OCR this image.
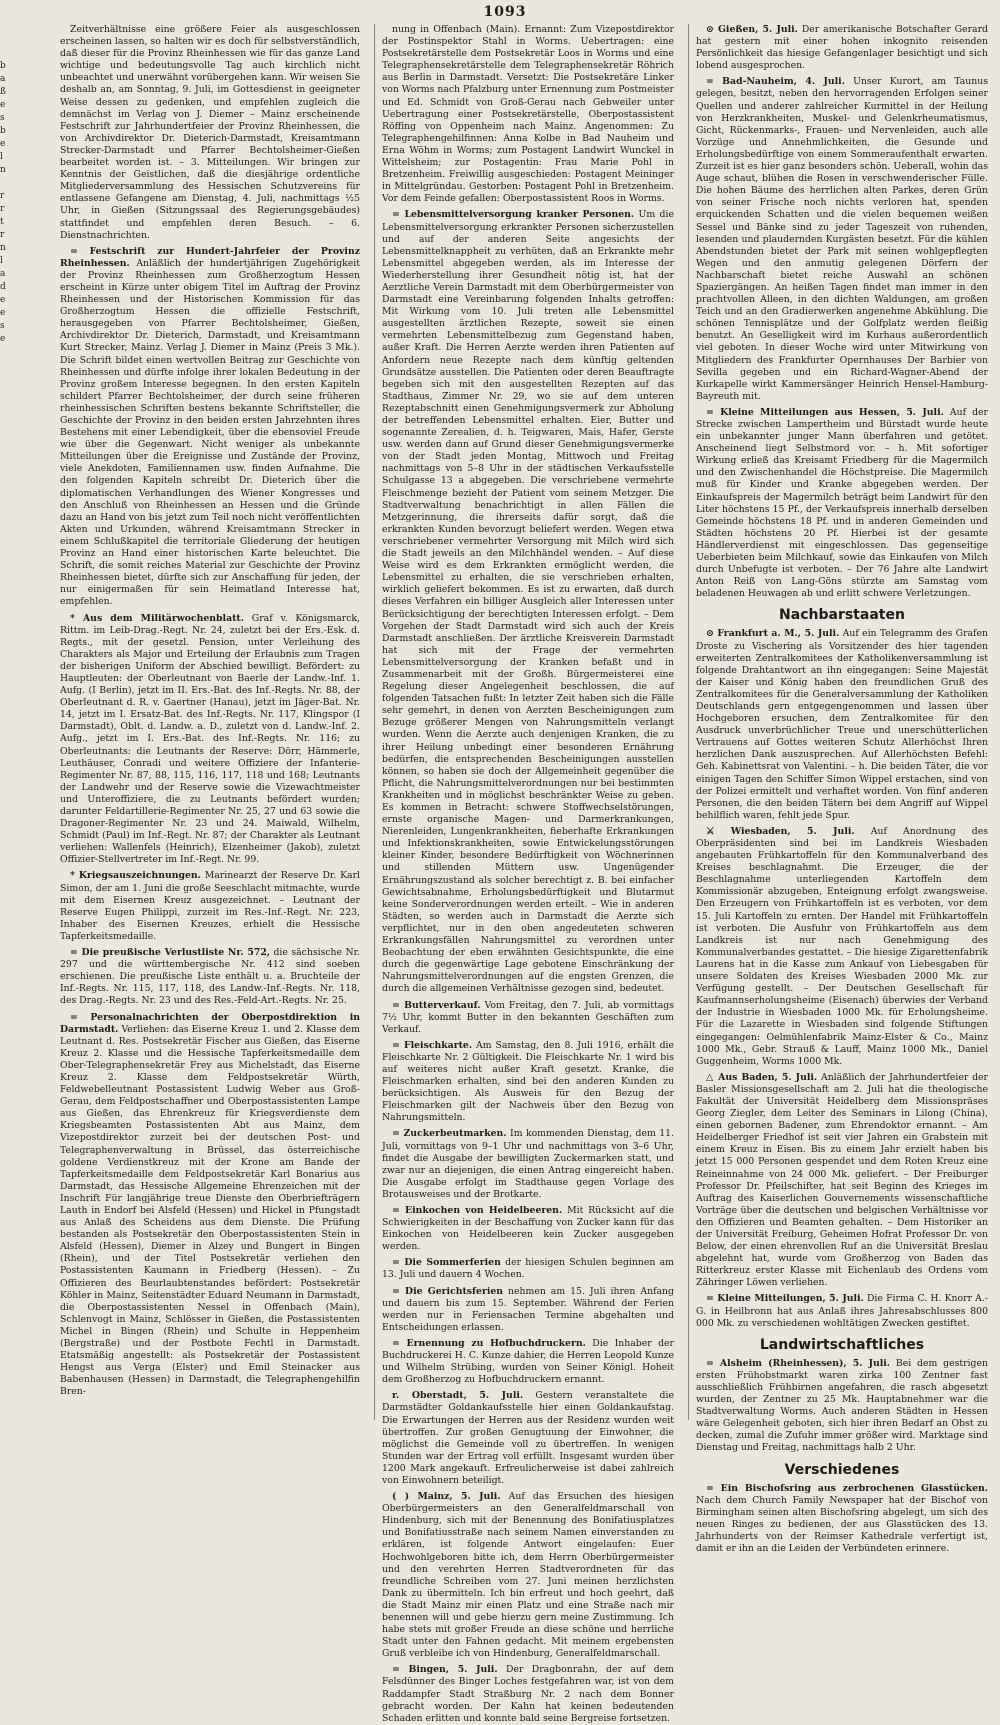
b
a
ß
e
s
b
e
l
n
r
r
t
r
n
l
a
d
e
e
s
e
1093

Zeitverhältnisse eine größere Feier als ausgeschlossen erscheinen lassen, so halten wir es doch für selbstverständlich, daß dieser für die Provinz Rheinhessen wie für das ganze Land wichtige und bedeutungsvolle Tag auch kirchlich nicht unbeachtet und unerwähnt vorübergehen kann. Wir weisen Sie deshalb an, am Sonntag, 9. Juli, im Gottesdienst in geeigneter Weise dessen zu gedenken, und empfehlen zugleich die demnächst im Verlag von J. Diemer – Mainz erscheinende Festschrift zur Jahrhundertfeier der Provinz Rheinhessen, die von Archivdirektor Dr. Dieterich-Darmstadt, Kreisamtmann Strecker-Darmstadt und Pfarrer Bechtolsheimer-Gießen bearbeitet worden ist. – 3. Mitteilungen. Wir bringen zur Kenntnis der Geistlichen, daß die diesjährige ordentliche Mitgliederversammlung des Hessischen Schutzvereins für entlassene Gefangene am Dienstag, 4. Juli, nachmittags ½5 Uhr, in Gießen (Sitzungssaal des Regierungsgebäudes) stattfindet und empfehlen deren Besuch. – 6. Dienstnachrichten.

= Festschrift zur Hundert-Jahrfeier der Provinz Rheinhessen. Anläßlich der hundertjährigen Zugehörigkeit der Provinz Rheinhessen zum Großherzogtum Hessen erscheint in Kürze unter obigem Titel im Auftrag der Provinz Rheinhessen und der Historischen Kommission für das Großherzogtum Hessen die offizielle Festschrift, herausgegeben von Pfarrer Bechtolsheimer, Gießen, Archivdirektor Dr. Dieterich, Darmstadt, und Kreisamtmann Kurt Strecker, Mainz. Verlag J. Diemer in Mainz (Preis 3 Mk.). Die Schrift bildet einen wertvollen Beitrag zur Geschichte von Rheinhessen und dürfte infolge ihrer lokalen Bedeutung in der Provinz großem Interesse begegnen. In den ersten Kapiteln schildert Pfarrer Bechtolsheimer, der durch seine früheren rheinhessischen Schriften bestens bekannte Schriftsteller, die Geschichte der Provinz in den beiden ersten Jahrzehnten ihres Bestehens mit einer Lebendigkeit, über die ebensoviel Freude wie über die Gegenwart. Nicht weniger als unbekannte Mitteilungen über die Ereignisse und Zustände der Provinz, viele Anekdoten, Familiennamen usw. finden Aufnahme. Die den folgenden Kapiteln schreibt Dr. Dieterich über die diplomatischen Verhandlungen des Wiener Kongresses und den Anschluß von Rheinhessen an Hessen und die Gründe dazu an Hand von bis jetzt zum Teil noch nicht veröffentlichten Akten und Urkunden, während Kreisamtmann Strecker in einem Schlußkapitel die territoriale Gliederung der heutigen Provinz an Hand einer historischen Karte beleuchtet. Die Schrift, die somit reiches Material zur Geschichte der Provinz Rheinhessen bietet, dürfte sich zur Anschaffung für jeden, der nur einigermaßen für sein Heimatland Interesse hat, empfehlen.

* Aus dem Militärwochenblatt. Graf v. Königsmarck, Rittm. im Leib-Drag.-Regt. Nr. 24, zuletzt bei der Ers.-Esk. d. Regts., mit der gesetzl. Pension, unter Verleihung des Charakters als Major und Erteilung der Erlaubnis zum Tragen der bisherigen Uniform der Abschied bewilligt. Befördert: zu Hauptleuten: der Oberleutnant von Baerle der Landw.-Inf. 1. Aufg. (I Berlin), jetzt im II. Ers.-Bat. des Inf.-Regts. Nr. 88, der Oberleutnant d. R. v. Gaertner (Hanau), jetzt im Jäger-Bat. Nr. 14, jetzt im I. Ersatz-Bat. des Inf.-Regts. Nr. 117, Klingspor (I Darmstadt), Oblt. d. Landw. a. D., zuletzt von d. Landw.-Inf. 2. Aufg., jetzt im I. Ers.-Bat. des Inf.-Regts. Nr. 116; zu Oberleutnants: die Leutnants der Reserve: Dörr, Hämmerle, Leuthäuser, Conradi und weitere Offiziere der Infanterie-Regimenter Nr. 87, 88, 115, 116, 117, 118 und 168; Leutnants der Landwehr und der Reserve sowie die Vizewachtmeister und Unteroffiziere, die zu Leutnants befördert wurden; darunter Feldartillerie-Regimenter Nr. 25, 27 und 63 sowie die Dragoner-Regimenter Nr. 23 und 24. Maiwald, Wilhelm, Schmidt (Paul) im Inf.-Regt. Nr. 87; der Charakter als Leutnant verliehen: Wallenfels (Heinrich), Elzenheimer (Jakob), zuletzt Offizier-Stellvertreter im Inf.-Regt. Nr. 99.

* Kriegsauszeichnungen. Marinearzt der Reserve Dr. Karl Simon, der am 1. Juni die große Seeschlacht mitmachte, wurde mit dem Eisernen Kreuz ausgezeichnet. – Leutnant der Reserve Eugen Philippi, zurzeit im Res.-Inf.-Regt. Nr. 223, Inhaber des Eisernen Kreuzes, erhielt die Hessische Tapferkeitsmedaille.

= Die preußische Verlustliste Nr. 572, die sächsische Nr. 297 und die württembergische Nr. 412 sind soeben erschienen. Die preußische Liste enthält u. a. Bruchteile der Inf.-Regts. Nr. 115, 117, 118, des Landw.-Inf.-Regts. Nr. 118, des Drag.-Regts. Nr. 23 und des Res.-Feld-Art.-Regts. Nr. 25.

= Personalnachrichten der Oberpostdirektion in Darmstadt. Verliehen: das Eiserne Kreuz 1. und 2. Klasse dem Leutnant d. Res. Postsekretär Fischer aus Gießen, das Eiserne Kreuz 2. Klasse und die Hessische Tapferkeitsmedaille dem Ober-Telegraphensekretär Frey aus Michelstadt, das Eiserne Kreuz 2. Klasse dem Feldpostsekretär Würth, Feldwebelleutnant Postassistent Ludwig Weber aus Groß-Gerau, dem Feldpostschaffner und Oberpostassistenten Lampe aus Gießen, das Ehrenkreuz für Kriegsverdienste dem Kriegsbeamten Postassistenten Abt aus Mainz, dem Vizepostdirektor zurzeit bei der deutschen Post- und Telegraphenverwaltung in Brüssel, das österreichische goldene Verdienstkreuz mit der Krone am Bande der Tapferkeitsmedaille dem Feldpostsekretär Karl Bonarius aus Darmstadt, das Hessische Allgemeine Ehrenzeichen mit der Inschrift Für langjährige treue Dienste den Oberbriefträgern Lauth in Endorf bei Alsfeld (Hessen) und Hickel in Pfungstadt aus Anlaß des Scheidens aus dem Dienste. Die Prüfung bestanden als Postsekretär den Oberpostassistenten Stein in Alsfeld (Hessen), Diemer in Alzey und Bungert in Bingen (Rhein), und der Titel Postsekretär verliehen den Postassistenten Kaumann in Friedberg (Hessen). – Zu Offizieren des Beurlaubtenstandes befördert: Postsekretär Köhler in Mainz, Seitenstädter Eduard Neumann in Darmstadt, die Oberpostassistenten Nessel in Offenbach (Main), Schlenvogt in Mainz, Schlösser in Gießen, die Postassistenten Michel in Bingen (Rhein) und Schulte in Heppenheim (Bergstraße) und der Postbote Fechtl in Darmstadt. Etatsmäßig angestellt: als Postsekretär der Postassistent Hengst aus Verga (Elster) und Emil Steinacker aus Babenhausen (Hessen) in Darmstadt, die Telegraphengehilfin Bren-

nung in Offenbach (Main). Ernannt: Zum Vizepostdirektor der Postinspektor Stahl in Worms. Uebertragen: eine Postsekretärstelle dem Postsekretär Loos in Worms und eine Telegraphensekretärstelle dem Telegraphensekretär Röhrich aus Berlin in Darmstadt. Versetzt: Die Postsekretäre Linker von Worms nach Pfalzburg unter Ernennung zum Postmeister und Ed. Schmidt von Groß-Gerau nach Gebweiler unter Uebertragung einer Postsekretärstelle, Oberpostassistent Röffing von Oppenheim nach Mainz. Angenommen: Zu Telegraphengehilfinnen: Anna Kolbe in Bad Nauheim und Erna Wöhm in Worms; zum Postagent Landwirt Wunckel in Wittelsheim; zur Postagentin: Frau Marie Pohl in Bretzenheim. Freiwillig ausgeschieden: Postagent Meininger in Mittelgründau. Gestorben: Postagent Pohl in Bretzenheim. Vor dem Feinde gefallen: Oberpostassistent Roos in Worms.

= Lebensmittelversorgung kranker Personen. Um die Lebensmittelversorgung erkrankter Personen sicherzustellen und auf der anderen Seite angesichts der Lebensmittelknappheit zu verhüten, daß an Erkrankte mehr Lebensmittel abgegeben werden, als im Interesse der Wiederherstellung ihrer Gesundheit nötig ist, hat der Aerztliche Verein Darmstadt mit dem Oberbürgermeister von Darmstadt eine Vereinbarung folgenden Inhalts getroffen: Mit Wirkung vom 10. Juli treten alle Lebensmittel ausgestellten ärztlichen Rezepte, soweit sie einen vermehrten Lebensmittelbezug zum Gegenstand haben, außer Kraft. Die Herren Aerzte werden ihren Patienten auf Anfordern neue Rezepte nach dem künftig geltenden Grundsätze ausstellen. Die Patienten oder deren Beauftragte begeben sich mit den ausgestellten Rezepten auf das Stadthaus, Zimmer Nr. 29, wo sie auf dem unteren Rezeptabschnitt einen Genehmigungsvermerk zur Abholung der betreffenden Lebensmittel erhalten. Eier, Butter und sogenannte Zerealien, d. h. Teigwaren, Mais, Hafer, Gerste usw. werden dann auf Grund dieser Genehmigungsvermerke von der Stadt jeden Montag, Mittwoch und Freitag nachmittags von 5–8 Uhr in der städtischen Verkaufsstelle Schulgasse 13 a abgegeben. Die verschriebene vermehrte Fleischmenge bezieht der Patient vom seinem Metzger. Die Stadtverwaltung benachrichtigt in allen Fällen die Metzgerinnung, die ihrerseits dafür sorgt, daß die erkrankten Kunden bevorzugt beliefert werden. Wegen etwa verschriebener vermehrter Versorgung mit Milch wird sich die Stadt jeweils an den Milchhändel wenden. – Auf diese Weise wird es dem Erkrankten ermöglicht werden, die Lebensmittel zu erhalten, die sie verschrieben erhalten, wirklich geliefert bekommen. Es ist zu erwarten, daß durch dieses Verfahren ein billiger Ausgleich aller Interessen unter Berücksichtigung der berechtigten Interessen erfolgt. – Dem Vorgehen der Stadt Darmstadt wird sich auch der Kreis Darmstadt anschließen. Der ärztliche Kreisverein Darmstadt hat sich mit der Frage der vermehrten Lebensmittelversorgung der Kranken befaßt und in Zusammenarbeit mit der Großh. Bürgermeisterei eine Regelung dieser Angelegenheit beschlossen, die auf folgenden Tatsachen fußt: In letzter Zeit haben sich die Fälle sehr gemehrt, in denen von Aerzten Bescheinigungen zum Bezuge größerer Mengen von Nahrungsmitteln verlangt wurden. Wenn die Aerzte auch denjenigen Kranken, die zu ihrer Heilung unbedingt einer besonderen Ernährung bedürfen, die entsprechenden Bescheinigungen ausstellen können, so haben sie doch der Allgemeinheit gegenüber die Pflicht, die Nahrungsmittelverordnungen nur bei bestimmten Krankheiten und in möglichst beschränkter Weise zu geben. Es kommen in Betracht: schwere Stoffwechselstörungen, ernste organische Magen- und Darmerkrankungen, Nierenleiden, Lungenkrankheiten, fieberhafte Erkrankungen und Infektionskrankheiten, sowie Entwickelungsstörungen kleiner Kinder, besondere Bedürftigkeit von Wöchnerinnen und stillenden Müttern usw. Ungenügender Ernährungszustand als solcher berechtigt z. B. bei einfacher Gewichtsabnahme, Erholungsbedürftigkeit und Blutarmut keine Sonderverordnungen werden erteilt. – Wie in anderen Städten, so werden auch in Darmstadt die Aerzte sich verpflichtet, nur in den oben angedeuteten schweren Erkrankungsfällen Nahrungsmittel zu verordnen unter Beobachtung der eben erwähnten Gesichtspunkte, die eine durch die gegenwärtige Lage gebotene Einschränkung der Nahrungsmittelverordnungen auf die engsten Grenzen, die durch die allgemeinen Verhältnisse gezogen sind, bedeutet.

= Butterverkauf. Vom Freitag, den 7. Juli, ab vormittags 7½ Uhr, kommt Butter in den bekannten Geschäften zum Verkauf.

= Fleischkarte. Am Samstag, den 8. Juli 1916, erhält die Fleischkarte Nr. 2 Gültigkeit. Die Fleischkarte Nr. 1 wird bis auf weiteres nicht außer Kraft gesetzt. Kranke, die Fleischmarken erhalten, sind bei den anderen Kunden zu berücksichtigen. Als Ausweis für den Bezug der Fleischmarken gilt der Nachweis über den Bezug von Nahrungsmitteln.

= Zuckerbeutmarken. Im kommenden Dienstag, dem 11. Juli, vormittags von 9–1 Uhr und nachmittags von 3–6 Uhr, findet die Ausgabe der bewilligten Zuckermarken statt, und zwar nur an diejenigen, die einen Antrag eingereicht haben. Die Ausgabe erfolgt im Stadthause gegen Vorlage des Brotausweises und der Brotkarte.

= Einkochen von Heidelbeeren. Mit Rücksicht auf die Schwierigkeiten in der Beschaffung von Zucker kann für das Einkochen von Heidelbeeren kein Zucker ausgegeben werden.

= Die Sommerferien der hiesigen Schulen beginnen am 13. Juli und dauern 4 Wochen.

= Die Gerichtsferien nehmen am 15. Juli ihren Anfang und dauern bis zum 15. September. Während der Ferien werden nur in Feriensachen Termine abgehalten und Entscheidungen erlassen.

= Ernennung zu Hofbuchdruckern. Die Inhaber der Buchdruckerei H. C. Kunze dahier, die Herren Leopold Kunze und Wilhelm Strübing, wurden von Seiner Königl. Hoheit dem Großherzog zu Hofbuchdruckern ernannt.

r. Oberstadt, 5. Juli. Gestern veranstaltete die Darmstädter Goldankaufsstelle hier einen Goldankaufstag. Die Erwartungen der Herren aus der Residenz wurden weit übertroffen. Zur großen Genugtuung der Einwohner, die möglichst die Gemeinde voll zu übertreffen. In wenigen Stunden war der Ertrag voll erfüllt. Insgesamt wurden über 1200 Mark angekauft. Erfreulicherweise ist dabei zahlreich von Einwohnern beteiligt.

( ) Mainz, 5. Juli. Auf das Ersuchen des hiesigen Oberbürgermeisters an den Generalfeldmarschall von Hindenburg, sich mit der Benennung des Bonifatiusplatzes und Bonifatiusstraße nach seinem Namen einverstanden zu erklären, ist folgende Antwort eingelaufen: Euer Hochwohlgeboren bitte ich, dem Herrn Oberbürgermeister und den verehrten Herren Stadtverordneten für das freundliche Schreiben vom 27. Juni meinen herzlichsten Dank zu übermitteln. Ich bin erfreut und hoch geehrt, daß die Stadt Mainz mir einen Platz und eine Straße nach mir benennen will und gebe hierzu gern meine Zustimmung. Ich habe stets mit großer Freude an diese schöne und herrliche Stadt unter den Fahnen gedacht. Mit meinem ergebensten Gruß verbleibe ich von Hindenburg, Generalfeldmarschall.

= Bingen, 5. Juli. Der Dragbonrahn, der auf dem Felsdünner des Binger Loches festgefahren war, ist von dem Raddampfer Stadt Straßburg Nr. 2 nach dem Bonner gebracht worden. Der Kahn hat keinen bedeutenden Schaden erlitten und konnte bald seine Bergreise fortsetzen.

⊙ Gießen, 5. Juli. Der amerikanische Botschafter Gerard hat gestern mit einer hohen inkognito reisenden Persönlichkeit das hiesige Gefangenlager besichtigt und sich lobend ausgesprochen.

= Bad-Nauheim, 4. Juli. Unser Kurort, am Taunus gelegen, besitzt, neben den hervorragenden Erfolgen seiner Quellen und anderer zahlreicher Kurmittel in der Heilung von Herzkrankheiten, Muskel- und Gelenkrheumatismus, Gicht, Rückenmarks-, Frauen- und Nervenleiden, auch alle Vorzüge und Annehmlichkeiten, die Gesunde und Erholungsbedürftige von einem Sommeraufenthalt erwarten. Zurzeit ist es hier ganz besonders schön. Ueberall, wohin das Auge schaut, blühen die Rosen in verschwenderischer Fülle. Die hohen Bäume des herrlichen alten Parkes, deren Grün von seiner Frische noch nichts verloren hat, spenden erquickenden Schatten und die vielen bequemen weißen Sessel und Bänke sind zu jeder Tageszeit von ruhenden, lesenden und plaudernden Kurgästen besetzt. Für die kühlen Abendstunden bietet der Park mit seinen wohlgepflegten Wegen und den anmutig gelegenen Dörfern der Nachbarschaft bietet reiche Auswahl an schönen Spaziergängen. An heißen Tagen findet man immer in den prachtvollen Alleen, in den dichten Waldungen, am großen Teich und an den Gradierwerken angenehme Abkühlung. Die schönen Tennisplätze und der Golfplatz werden fleißig benutzt. An Geselligkeit wird im Kurhaus außerordentlich viel geboten. In dieser Woche wird unter Mitwirkung von Mitgliedern des Frankfurter Opernhauses Der Barbier von Sevilla gegeben und ein Richard-Wagner-Abend der Kurkapelle wirkt Kammersänger Heinrich Hensel-Hamburg-Bayreuth mit.

= Kleine Mitteilungen aus Hessen, 5. Juli. Auf der Strecke zwischen Lampertheim und Bürstadt wurde heute ein unbekannter junger Mann überfahren und getötet. Anscheinend liegt Selbstmord vor. – h. Mit sofortiger Wirkung erließ das Kreisamt Friedberg für die Magermilch und den Zwischenhandel die Höchstpreise. Die Magermilch muß für Kinder und Kranke abgegeben werden. Der Einkaufspreis der Magermilch beträgt beim Landwirt für den Liter höchstens 15 Pf., der Verkaufspreis innerhalb derselben Gemeinde höchstens 18 Pf. und in anderen Gemeinden und Städten höchstens 20 Pf. Hierbei ist der gesamte Händlerverdienst mit eingeschlossen. Das gegenseitige Ueberbieten beim Milchkauf, sowie das Einkaufen von Milch durch Unbefugte ist verboten. – Der 76 Jahre alte Landwirt Anton Reiß von Lang-Göns stürzte am Samstag vom beladenen Heuwagen ab und erlitt schwere Verletzungen.

Nachbarstaaten

⊙ Frankfurt a. M., 5. Juli. Auf ein Telegramm des Grafen Droste zu Vischering als Vorsitzender des hier tagenden erweiterten Zentralkomitees der Katholikenversammlung ist folgende Drahtantwort an ihn eingegangen: Seine Majestät der Kaiser und König haben den freundlichen Gruß des Zentralkomitees für die Generalversammlung der Katholiken Deutschlands gern entgegengenommen und lassen über Hochgeboren ersuchen, dem Zentralkomitee für den Ausdruck unverbrüchlicher Treue und unerschütterlichen Vertrauens auf Gottes weiteren Schutz Allerhöchst Ihren herzlichen Dank auszusprechen. Auf Allerhöchsten Befehl: Geh. Kabinettsrat von Valentini. – h. Die beiden Täter, die vor einigen Tagen den Schiffer Simon Wippel erstachen, sind von der Polizei ermittelt und verhaftet worden. Von fünf anderen Personen, die den beiden Tätern bei dem Angriff auf Wippel behilflich waren, fehlt jede Spur.

⚔ Wiesbaden, 5. Juli. Auf Anordnung des Oberpräsidenten sind bei im Landkreis Wiesbaden angebauten Frühkartoffeln für den Kommunalverband des Kreises beschlagnahmt. Die Erzeuger, die der Beschlagnahme unterliegenden Kartoffeln dem Kommissionär abzugeben, Enteignung erfolgt zwangsweise. Den Erzeugern von Frühkartoffeln ist es verboten, vor dem 15. Juli Kartoffeln zu ernten. Der Handel mit Frühkartoffeln ist verboten. Die Ausfuhr von Frühkartoffeln aus dem Landkreis ist nur nach Genehmigung des Kommunalverbandes gestattet. – Die hiesige Zigarettenfabrik Laurens hat in die Kasse zum Ankauf von Liebesgaben für unsere Soldaten des Kreises Wiesbaden 2000 Mk. zur Verfügung gestellt. – Der Deutschen Gesellschaft für Kaufmannserholungsheime (Eisenach) überwies der Verband der Industrie in Wiesbaden 1000 Mk. für Erholungsheime. Für die Lazarette in Wiesbaden sind folgende Stiftungen eingegangen: Oelmühlenfabrik Mainz-Elster & Co., Mainz 1000 Mk., Gebr. Strauß & Lauff, Mainz 1000 Mk., Daniel Guggenheim, Worms 1000 Mk.

△ Aus Baden, 5. Juli. Anläßlich der Jahrhundertfeier der Basler Missionsgesellschaft am 2. Juli hat die theologische Fakultät der Universität Heidelberg dem Missionspräses Georg Ziegler, dem Leiter des Seminars in Lilong (China), einen gebornen Badener, zum Ehrendoktor ernannt. – Am Heidelberger Friedhof ist seit vier Jahren ein Grabstein mit einem Kreuz in Eisen. Bis zu einem Jahr erzielt haben bis jetzt 15 000 Personen gespendet und dem Roten Kreuz eine Reineinnahme von 24 000 Mk. geliefert. – Der Freiburger Professor Dr. Pfeilschifter, hat seit Beginn des Krieges im Auftrag des Kaiserlichen Gouvernements wissenschaftliche Vorträge über die deutschen und belgischen Verhältnisse vor den Offizieren und Beamten gehalten. – Dem Historiker an der Universität Freiburg, Geheimen Hofrat Professor Dr. von Below, der einen ehrenvollen Ruf an die Universität Breslau abgelehnt hat, wurde vom Großherzog von Baden das Ritterkreuz erster Klasse mit Eichenlaub des Ordens vom Zähringer Löwen verliehen.

= Kleine Mitteilungen, 5. Juli. Die Firma C. H. Knorr A.-G. in Heilbronn hat aus Anlaß ihres Jahresabschlusses 800 000 Mk. zu verschiedenen wohltätigen Zwecken gestiftet.

Landwirtschaftliches

= Alsheim (Rheinhessen), 5. Juli. Bei dem gestrigen ersten Frühobstmarkt waren zirka 100 Zentner fast ausschließlich Frühbirnen angefahren, die rasch abgesetzt wurden, der Zentner zu 25 Mk. Hauptabnehmer war die Stadtverwaltung Worms. Auch anderen Städten in Hessen wäre Gelegenheit geboten, sich hier ihren Bedarf an Obst zu decken, zumal die Zufuhr immer größer wird. Marktage sind Dienstag und Freitag, nachmittags halb 2 Uhr.

Verschiedenes

= Ein Bischofsring aus zerbrochenen Glasstücken. Nach dem Church Family Newspaper hat der Bischof von Birmingham seinen alten Bischofsring abgelegt, um sich des neuen Ringes zu bedienen, der aus Glasstücken des 13. Jahrhunderts von der Reimser Kathedrale verfertigt ist, damit er ihn an die Leiden der Verbündeten erinnere.
